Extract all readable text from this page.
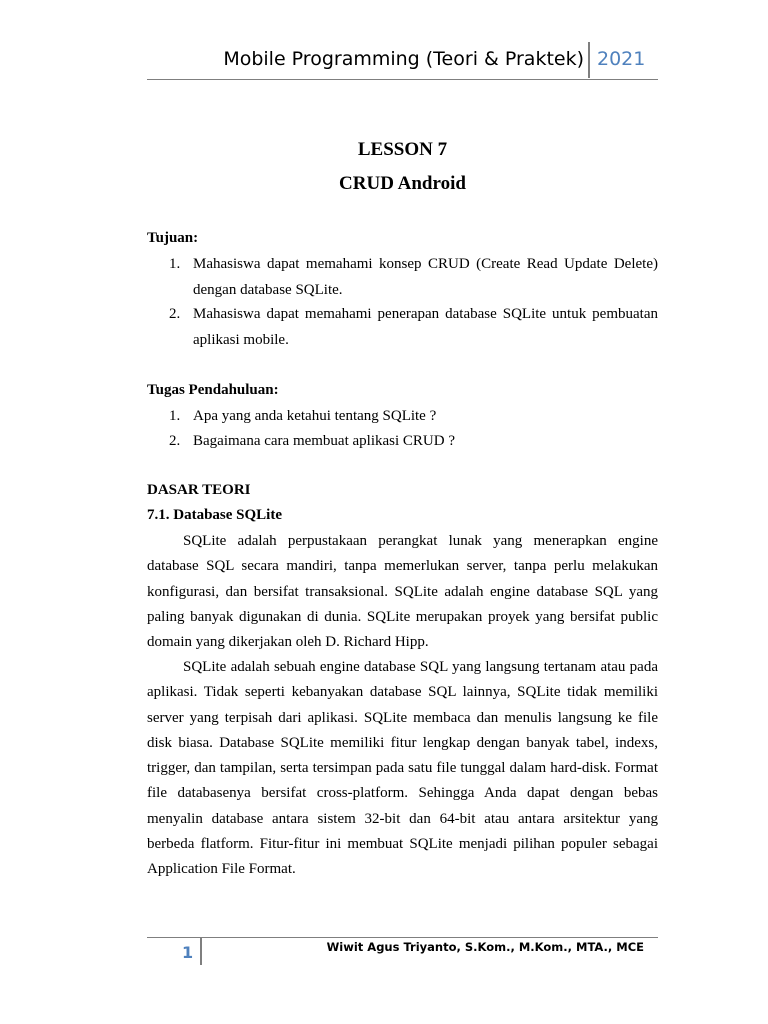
Mobile Programming (Teori & Praktek) 2021
LESSON 7
CRUD Android
Tujuan:
1. Mahasiswa dapat memahami konsep CRUD (Create Read Update Delete) dengan database SQLite.
2. Mahasiswa dapat memahami penerapan database SQLite untuk pembuatan aplikasi mobile.
Tugas Pendahuluan:
1. Apa yang anda ketahui tentang SQLite ?
2. Bagaimana cara membuat aplikasi CRUD ?
DASAR TEORI
7.1. Database SQLite
SQLite adalah perpustakaan perangkat lunak yang menerapkan engine database SQL secara mandiri, tanpa memerlukan server, tanpa perlu melakukan konfigurasi, dan bersifat transaksional. SQLite adalah engine database SQL yang paling banyak digunakan di dunia. SQLite merupakan proyek yang bersifat public domain yang dikerjakan oleh D. Richard Hipp.
SQLite adalah sebuah engine database SQL yang langsung tertanam atau pada aplikasi. Tidak seperti kebanyakan database SQL lainnya, SQLite tidak memiliki server yang terpisah dari aplikasi. SQLite membaca dan menulis langsung ke file disk biasa. Database SQLite memiliki fitur lengkap dengan banyak tabel, indexs, trigger, dan tampilan, serta tersimpan pada satu file tunggal dalam hard-disk. Format file databasenya bersifat cross-platform. Sehingga Anda dapat dengan bebas menyalin database antara sistem 32-bit dan 64-bit atau antara arsitektur yang berbeda flatform. Fitur-fitur ini membuat SQLite menjadi pilihan populer sebagai Application File Format.
1	Wiwit Agus Triyanto, S.Kom., M.Kom., MTA., MCE
